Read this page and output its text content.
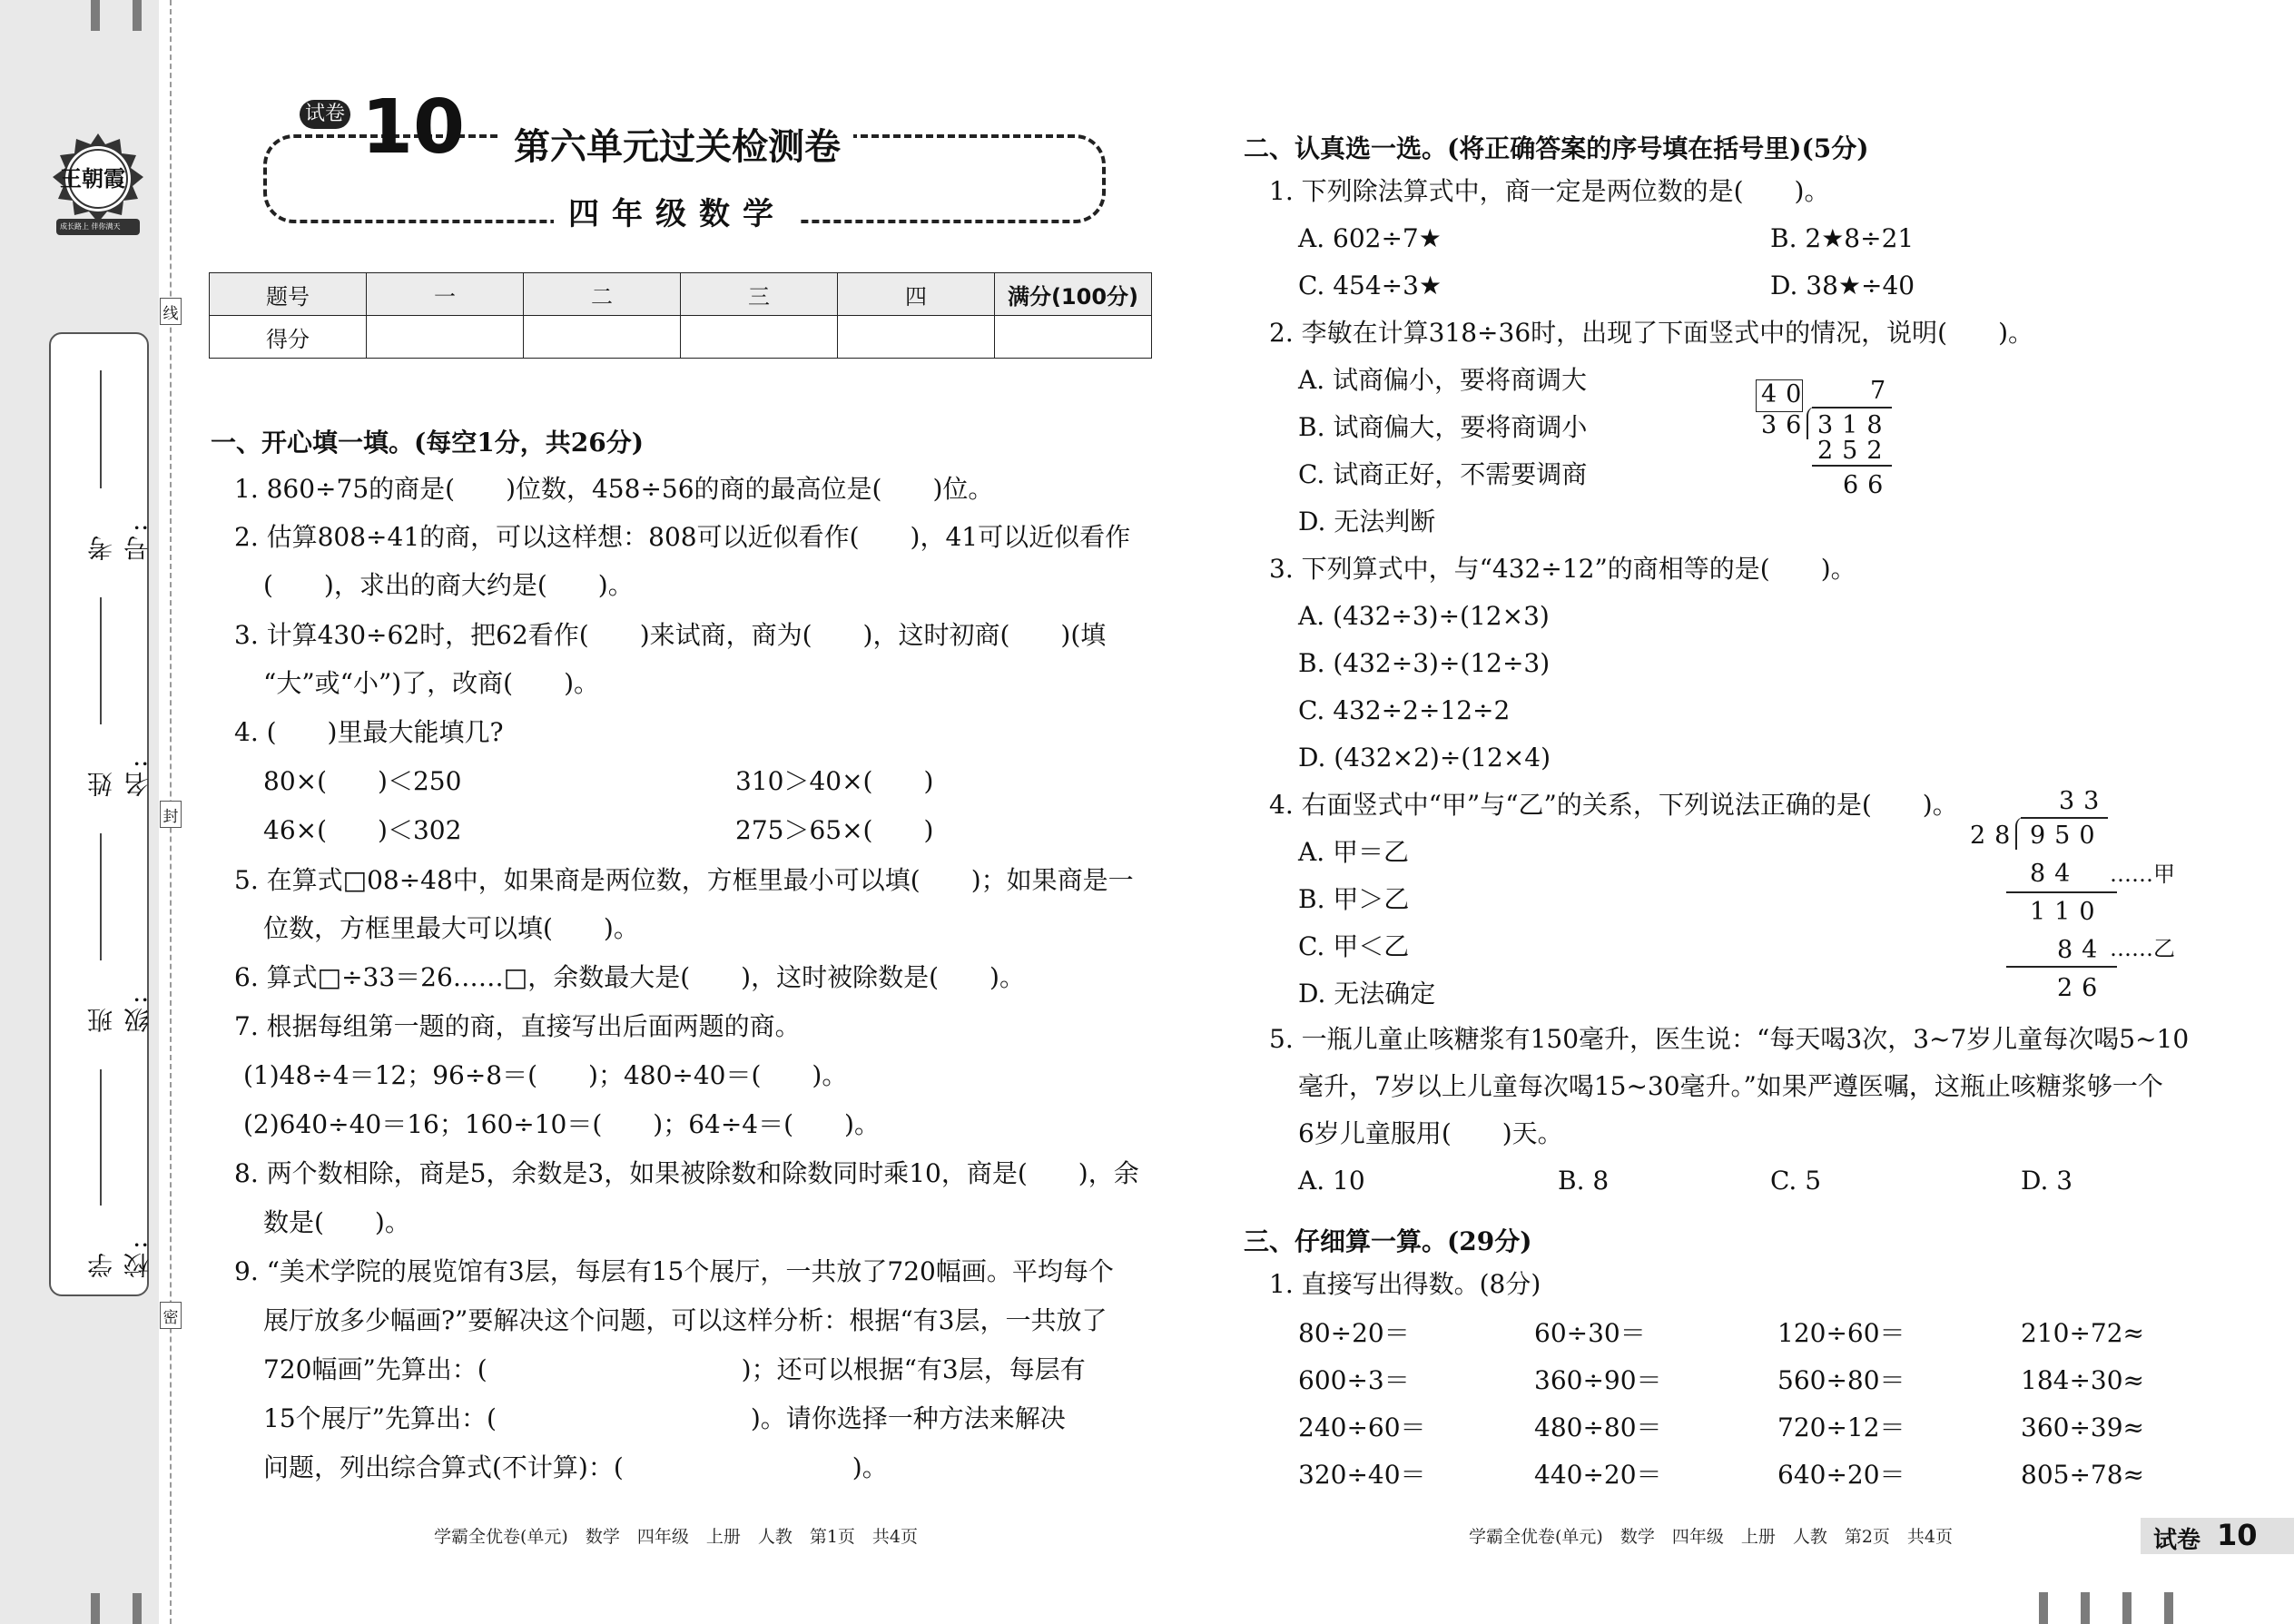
王朝霞
成长路上 伴你满天
考号:
姓名:
班级:
学校:
线
封
密
试卷 10	第六单元过关检测卷
四年级数学
题号	一	二	三	四	满分(100分)
得分					
一、开心填一填。(每空1分，共26分)
1. 860÷75的商是(　　)位数，458÷56的商的最高位是(　　)位。
2. 估算808÷41的商，可以这样想：808可以近似看作(　　)，41可以近似看作
(　　)，求出的商大约是(　　)。
3. 计算430÷62时，把62看作(　　)来试商，商为(　　)，这时初商(　　)(填
“大”或“小”)了，改商(　　)。
4. (　　)里最大能填几?
80×(　　)＜250	310＞40×(　　)
46×(　　)＜302	275＞65×(　　)
5. 在算式□08÷48中，如果商是两位数，方框里最小可以填(　　)；如果商是一
位数，方框里最大可以填(　　)。
6. 算式□÷33＝26……□，余数最大是(　　)，这时被除数是(　　)。
7. 根据每组第一题的商，直接写出后面两题的商。
(1)48÷4＝12；96÷8＝(　　)；480÷40＝(　　)。
(2)640÷40＝16；160÷10＝(　　)；64÷4＝(　　)。
8. 两个数相除，商是5，余数是3，如果被除数和除数同时乘10，商是(　　)，余
数是(　　)。
9. “美术学院的展览馆有3层，每层有15个展厅，一共放了720幅画。平均每个
展厅放多少幅画?”要解决这个问题，可以这样分析：根据“有3层，一共放了
720幅画”先算出：(　　　　　　　　　　)；还可以根据“有3层，每层有
15个展厅”先算出：(　　　　　　　　　　)。请你选择一种方法来解决
问题，列出综合算式(不计算)：(　　　　　　　　　)。
学霸全优卷(单元)　数学　四年级　上册　人教　第1页　共4页
二、认真选一选。(将正确答案的序号填在括号里)(5分)
1. 下列除法算式中，商一定是两位数的是(　　)。
A. 602÷7★	B. 2★8÷21
C. 454÷3★	D. 38★÷40
2. 李敏在计算318÷36时，出现了下面竖式中的情况，说明(　　)。
A. 试商偏小，要将商调大
B. 试商偏大，要将商调小
C. 试商正好，不需要调商
D. 无法判断
40 7
36 318
252
66
3. 下列算式中，与“432÷12”的商相等的是(　　)。
A. (432÷3)÷(12×3)
B. (432÷3)÷(12÷3)
C. 432÷2÷12÷2
D. (432×2)÷(12×4)
4. 右面竖式中“甲”与“乙”的关系，下列说法正确的是(　　)。
A. 甲＝乙
B. 甲＞乙
C. 甲＜乙
D. 无法确定
33
28 950
84 ……甲
110
84 ……乙
26
5. 一瓶儿童止咳糖浆有150毫升，医生说：“每天喝3次，3~7岁儿童每次喝5~10
毫升，7岁以上儿童每次喝15~30毫升。”如果严遵医嘱，这瓶止咳糖浆够一个
6岁儿童服用(　　)天。
A. 10	B. 8	C. 5	D. 3
三、仔细算一算。(29分)
1. 直接写出得数。(8分)
80÷20＝	60÷30＝	120÷60＝	210÷72≈
600÷3＝	360÷90＝	560÷80＝	184÷30≈
240÷60＝	480÷80＝	720÷12＝	360÷39≈
320÷40＝	440÷20＝	640÷20＝	805÷78≈
学霸全优卷(单元)　数学　四年级　上册　人教　第2页　共4页	试卷 10
